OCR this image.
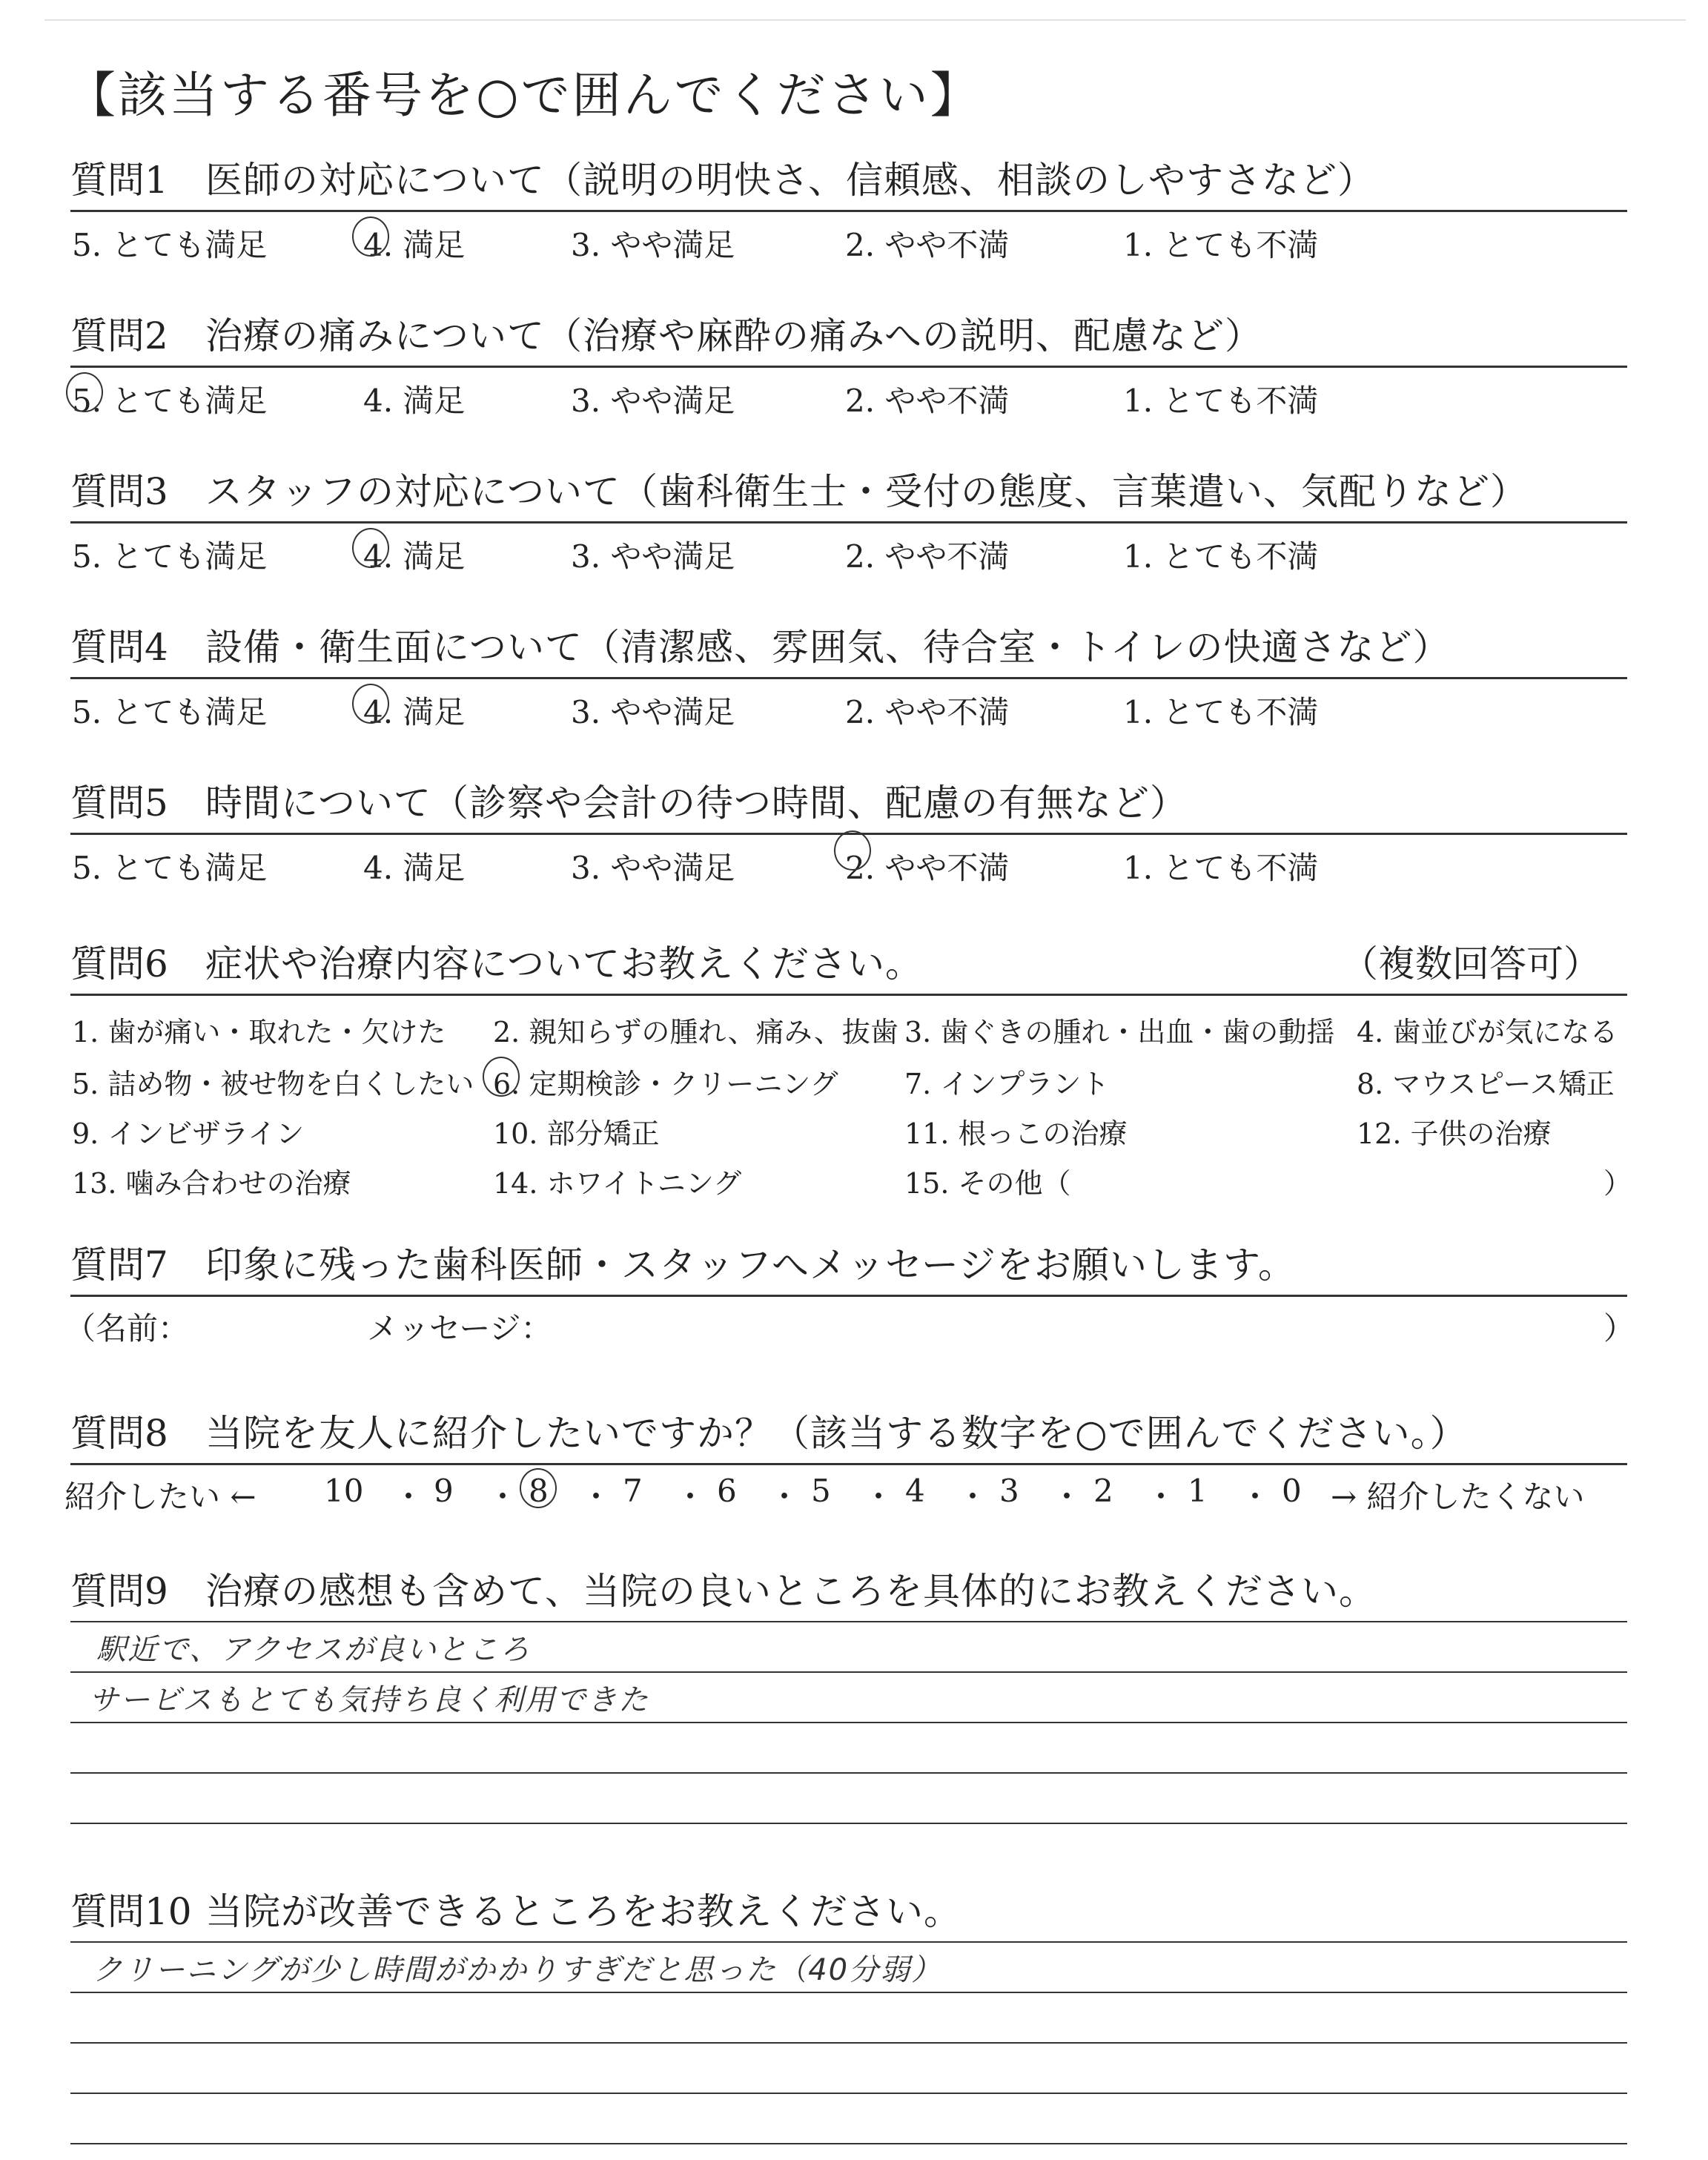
【該当する番号を○で囲んでください】
質問1 医師の対応について（説明の明快さ、信頼感、相談のしやすさなど）
5. とても満足	4. 満足	3. やや満足	2. やや不満	1. とても不満
質問2 治療の痛みについて（治療や麻酔の痛みへの説明、配慮など）
5. とても満足	4. 満足	3. やや満足	2. やや不満	1. とても不満
質問3 スタッフの対応について（歯科衛生士・受付の態度、言葉遣い、気配りなど）
5. とても満足	4. 満足	3. やや満足	2. やや不満	1. とても不満
質問4 設備・衛生面について（清潔感、雰囲気、待合室・トイレの快適さなど）
5. とても満足	4. 満足	3. やや満足	2. やや不満	1. とても不満
質問5 時間について（診察や会計の待つ時間、配慮の有無など）
5. とても満足	4. 満足	3. やや満足	2. やや不満	1. とても不満
質問6 症状や治療内容についてお教えください。	（複数回答可）
1. 歯が痛い・取れた・欠けた 2. 親知らずの腫れ、痛み、抜歯 3. 歯ぐきの腫れ・出血・歯の動揺 4. 歯並びが気になる
5. 詰め物・被せ物を白くしたい 6. 定期検診・クリーニング 7. インプラント	8. マウスピース矯正
9. インビザライン	10. 部分矯正	11. 根っこの治療	12. 子供の治療
13. 噛み合わせの治療	14. ホワイトニング	15. その他（	）
質問7 印象に残った歯科医師・スタッフへメッセージをお願いします。
（名前：	メッセージ：	）
質問8 当院を友人に紹介したいですか？（該当する数字を○で囲んでください。）
紹介したい ← 10 ・ 9 ・ 8 ・ 7 ・ 6 ・ 5 ・ 4 ・ 3 ・ 2 ・ 1 ・ 0 → 紹介したくない
質問9 治療の感想も含めて、当院の良いところを具体的にお教えください。
駅近で、アクセスが良いところ
サービスもとても気持ち良く利用できた
質問10 当院が改善できるところをお教えください。
クリーニングが少し時間がかかりすぎだと思った（40分弱）
